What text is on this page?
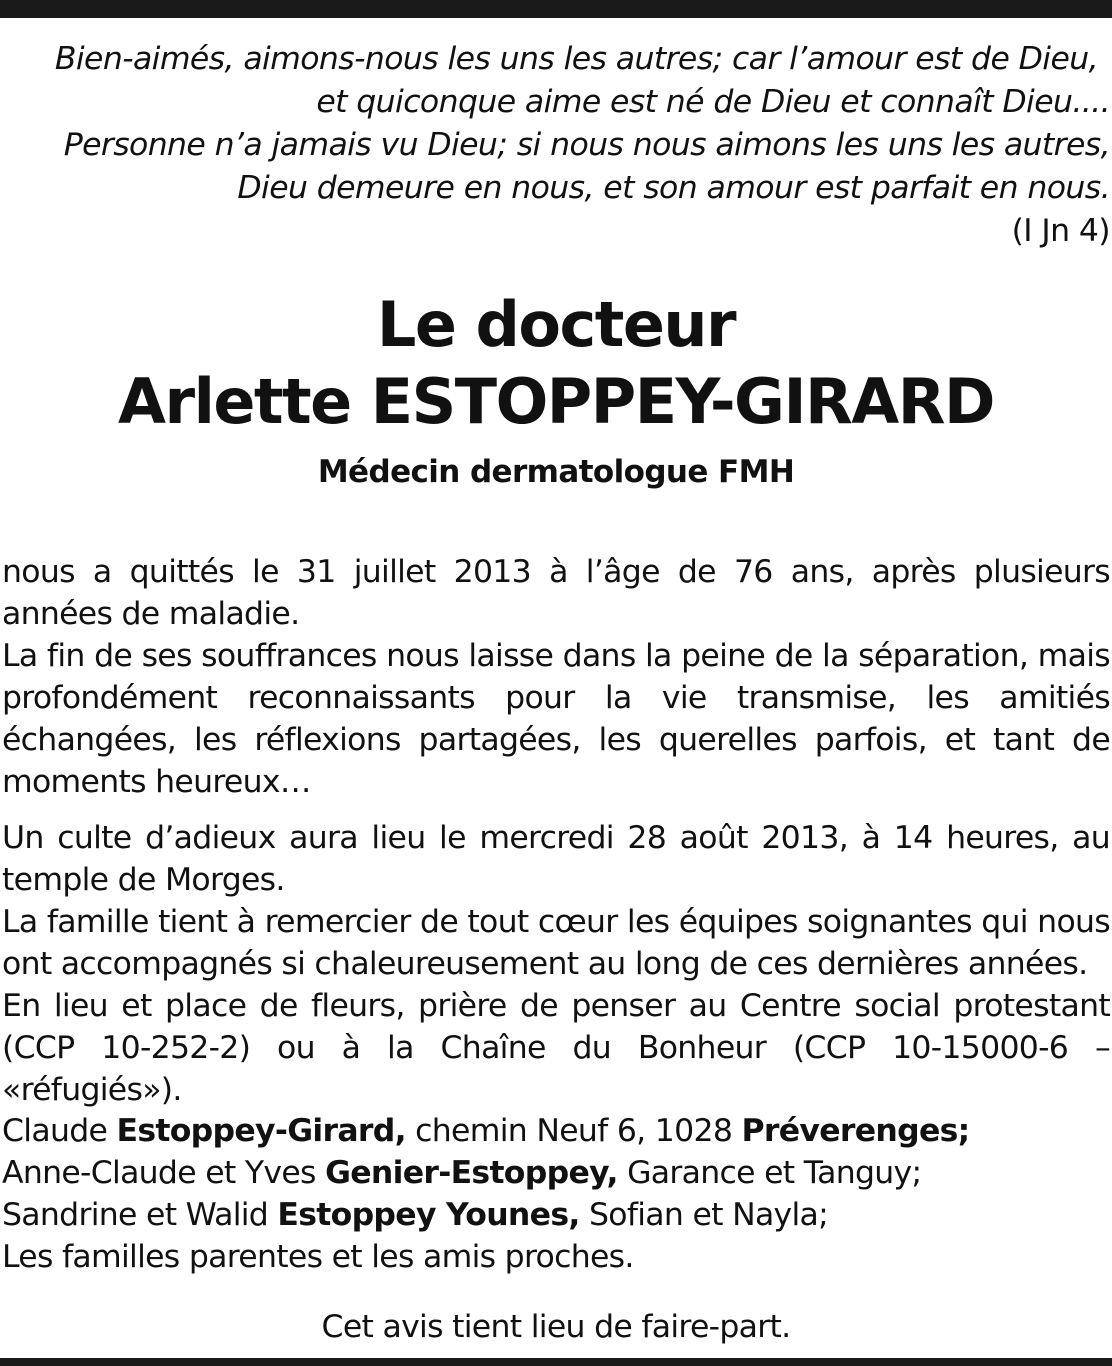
Bien-aimés, aimons-nous les uns les autres; car l’amour est de Dieu,
et quiconque aime est né de Dieu et connaît Dieu....
Personne n’a jamais vu Dieu; si nous nous aimons les uns les autres,
Dieu demeure en nous, et son amour est parfait en nous.
(I Jn 4)
Le docteur
Arlette ESTOPPEY-GIRARD
Médecin dermatologue FMH

nous a quittés le 31 juillet 2013 à l’âge de 76 ans, après plusieurs années de maladie.

La fin de ses souffrances nous laisse dans la peine de la séparation, mais profondément reconnaissants pour la vie transmise, les amitiés échangées, les réflexions partagées, les querelles parfois, et tant de moments heureux…

Un culte d’adieux aura lieu le mercredi 28 août 2013, à 14 heures, au temple de Morges.

La famille tient à remercier de tout cœur les équipes soignantes qui nous ont accompagnés si chaleureusement au long de ces dernières années.

En lieu et place de fleurs, prière de penser au Centre social protestant (CCP 10-252-2) ou à la Chaîne du Bonheur (CCP 10-15000-6 – «réfugiés»).

Claude Estoppey-Girard, chemin Neuf 6, 1028 Préverenges;
Anne-Claude et Yves Genier-Estoppey, Garance et Tanguy;
Sandrine et Walid Estoppey Younes, Sofian et Nayla;
Les familles parentes et les amis proches.
Cet avis tient lieu de faire-part.
